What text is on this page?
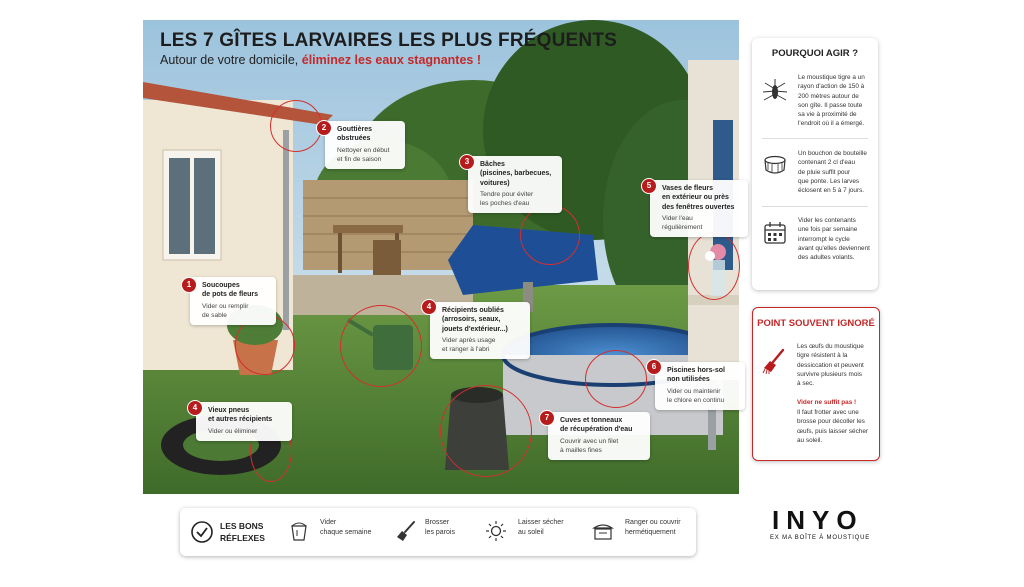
LES 7 GÎTES LARVAIRES LES PLUS FRÉQUENTS
Autour de votre domicile, éliminez les eaux stagnantes !
Soucoupes
de pots de fleurs
Vider ou remplir
de sable
1
Gouttières
obstruées
Nettoyer en début
et fin de saison
2
Bâches
(piscines, barbecues,
voitures)
Tendre pour éviter
les poches d'eau
3
Récipients oubliés
(arrosoirs, seaux,
jouets d'extérieur...)
Vider après usage
et ranger à l'abri
4
Vieux pneus
et autres récipients
Vider ou éliminer
4
Vases de fleurs
en extérieur ou près
des fenêtres ouvertes
Vider l'eau
régulièrement
5
Piscines hors-sol
non utilisées
Vider ou maintenir
le chlore en continu
6
Cuves et tonneaux
de récupération d'eau
Couvrir avec un filet
à mailles fines
7
POURQUOI AGIR ?
Le moustique tigre a un
rayon d'action de 150 à
200 mètres autour de
son gîte. Il passe toute
sa vie à proximité de
l'endroit où il a émergé.
Un bouchon de bouteille
contenant 2 cl d'eau
de pluie suffit pour
que ponte. Les larves
éclosent en 5 à 7 jours.
Vider les contenants
une fois par semaine
interrompt le cycle
avant qu'elles deviennent
des adultes volants.
POINT SOUVENT IGNORÉ
Les œufs du moustique
tigre résistent à la
dessiccation et peuvent
survivre plusieurs mois
à sec.
Vider ne suffit pas !
Il faut frotter avec une
brosse pour décoller les
œufs, puis laisser sécher
au soleil.
LES BONS
RÉFLEXES
Vider
chaque semaine
Brosser
les parois
Laisser sécher
au soleil
Ranger ou couvrir
hermétiquement	INYO
EX MA BOÎTE À MOUSTIQUE
